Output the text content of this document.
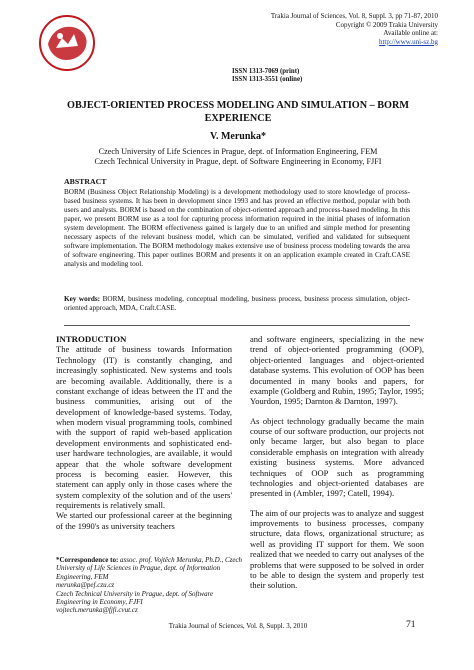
Trakia Journal of Sciences, Vol. 8, Suppl. 3, pp 71-87, 2010
Copyright © 2009 Trakia University
Available online at:
http://www.uni-sz.bg
ISSN 1313-7069 (print)
ISSN 1313-3551 (online)
OBJECT-ORIENTED PROCESS MODELING AND SIMULATION – BORM EXPERIENCE
V. Merunka*
Czech University of Life Sciences in Prague, dept. of Information Engineering, FEM
Czech Technical University in Prague, dept. of Software Engineering in Economy, FJFI
ABSTRACT
BORM (Business Object Relationship Modeling) is a development methodology used to store knowledge of process-based business systems. It has been in development since 1993 and has proved an effective method, popular with both users and analysts. BORM is based on the combination of object-oriented approach and process-based modeling. In this paper, we present BORM use as a tool for capturing process information required in the initial phases of information system development. The BORM effectiveness gained is largely due to an unified and simple method for presenting necessary aspects of the relevant business model, which can be simulated, verified and validated for subsequent software implementation. The BORM methodology makes extensive use of business process modeling towards the area of software engineering. This paper outlines BORM and presents it on an application example created in Craft.CASE analysis and modeling tool.
Key words: BORM, business modeling, conceptual modeling, business process, business process simulation, object-oriented approach, MDA, Craft.CASE.
INTRODUCTION
The attitude of business towards Information Technology (IT) is constantly changing, and increasingly sophisticated. New systems and tools are becoming available. Additionally, there is a constant exchange of ideas between the IT and the business communities, arising out of the development of knowledge-based systems. Today, when modern visual programming tools, combined with the support of rapid web-based application development environments and sophisticated end-user hardware technologies, are available, it would appear that the whole software development process is becoming easier. However, this statement can apply only in those cases where the system complexity of the solution and of the users' requirements is relatively small.
We started our professional career at the beginning of the 1990's as university teachers
*Correspondence to: assoc. prof. Vojtěch Merunka, Ph.D., Czech University of Life Sciences in Prague, dept. of Information Engineering, FEM
merunka@pef.czu.cz
Czech Technical University in Prague, dept. of Software Engineering in Economy, FJFI
vojtech.merunka@fjfi.cvut.cz
and software engineers, specializing in the new trend of object-oriented programming (OOP), object-oriented languages and object-oriented database systems. This evolution of OOP has been documented in many books and papers, for example (Goldberg and Rubin, 1995; Taylor, 1995; Yourdon, 1995; Darnton & Darnton, 1997).
As object technology gradually became the main course of our software production, our projects not only became larger, but also began to place considerable emphasis on integration with already existing business systems. More advanced techniques of OOP such as programming technologies and object-oriented databases are presented in (Ambler, 1997; Catell, 1994).
The aim of our projects was to analyze and suggest improvements to business processes, company structure, data flows, organizational structure; as well as providing IT support for them. We soon realized that we needed to carry out analyses of the problems that were supposed to be solved in order to be able to design the system and properly test their solution.
Trakia Journal of Sciences, Vol. 8, Suppl. 3, 2010	71
